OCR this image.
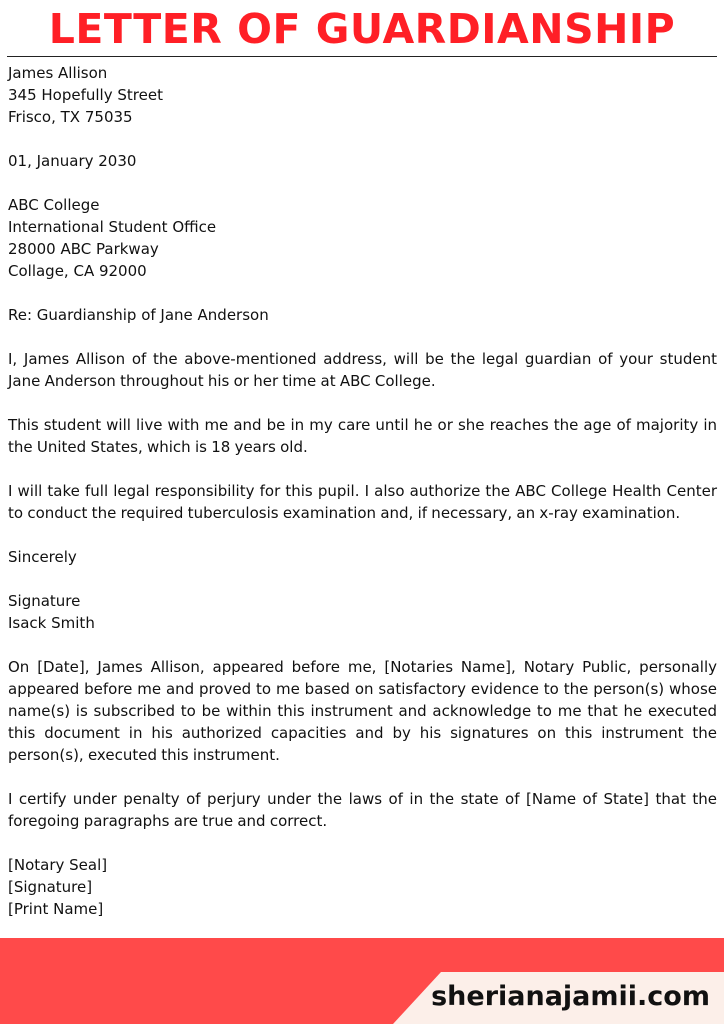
LETTER OF GUARDIANSHIP
James Allison
345 Hopefully Street
Frisco, TX 75035
01, January 2030
ABC College
International Student Office
28000 ABC Parkway
Collage, CA 92000
Re: Guardianship of Jane Anderson

I, James Allison of the above-mentioned address, will be the legal guardian of your student Jane Anderson throughout his or her time at ABC College.

This student will live with me and be in my care until he or she reaches the age of majority in the United States, which is 18 years old.

I will take full legal responsibility for this pupil. I also authorize the ABC College Health Center to conduct the required tuberculosis examination and, if necessary, an x-ray examination.

Sincerely
Signature
Isack Smith

On [Date], James Allison, appeared before me, [Notaries Name], Notary Public, personally appeared before me and proved to me based on satisfactory evidence to the person(s) whose name(s) is subscribed to be within this instrument and acknowledge to me that he executed this document in his authorized capacities and by his signatures on this instrument the person(s), executed this instrument.

I certify under penalty of perjury under the laws of in the state of [Name of State] that the foregoing paragraphs are true and correct.

[Notary Seal]
[Signature]
[Print Name]
sherianajamii.com
